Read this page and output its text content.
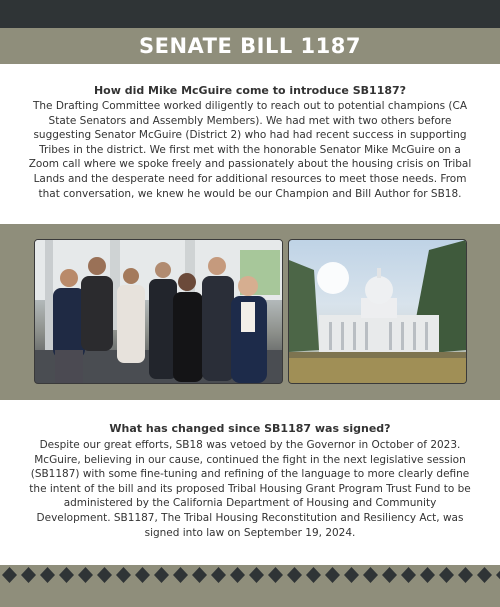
SENATE BILL 1187

How did Mike McGuire come to introduce SB1187?

The Drafting Committee worked diligently to reach out to potential champions (CA State Senators and Assembly Members). We had met with two others before suggesting Senator McGuire (District 2) who had had recent success in supporting Tribes in the district. We first met with the honorable Senator Mike McGuire on a Zoom call where we spoke freely and passionately about the housing crisis on Tribal Lands and the desperate need for additional resources to meet those needs. From that conversation, we knew he would be our Champion and Bill Author for SB18.

What has changed since SB1187 was signed?

Despite our great efforts, SB18 was vetoed by the Governor in October of 2023. McGuire, believing in our cause, continued the fight in the next legislative session (SB1187) with some fine-tuning and refining of the language to more clearly define the intent of the bill and its proposed Tribal Housing Grant Program Trust Fund to be administered by the California Department of Housing and Community Development. SB1187, The Tribal Housing Reconstitution and Resiliency Act, was signed into law on September 19, 2024.
